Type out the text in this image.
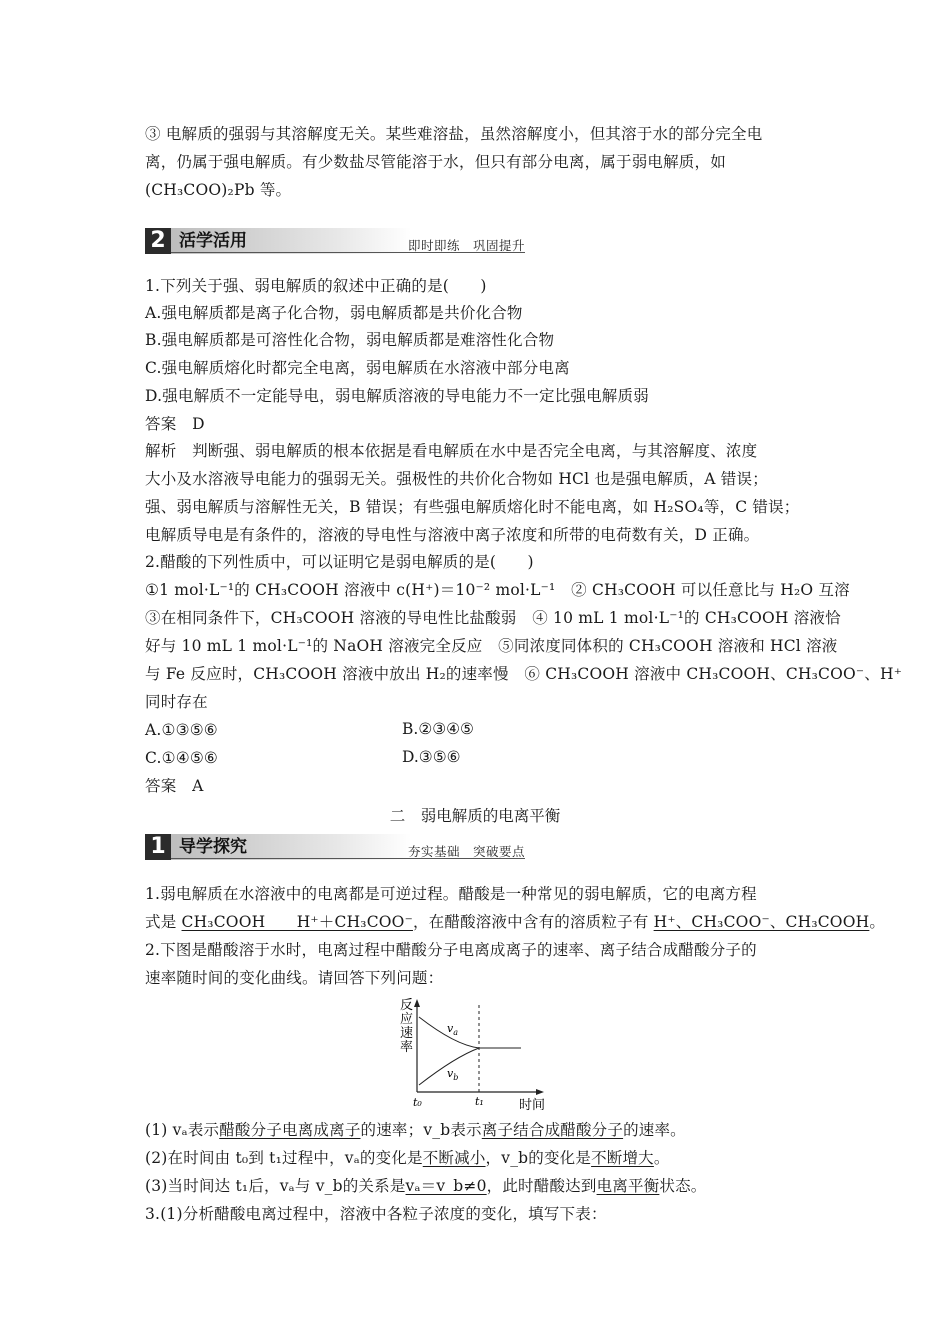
③ 电解质的强弱与其溶解度无关。某些难溶盐，虽然溶解度小，但其溶于水的部分完全电
离，仍属于强电解质。有少数盐尽管能溶于水，但只有部分电离，属于弱电解质，如
(CH₃COO)₂Pb 等。
2 活学活用	即时即练　巩固提升
1.下列关于强、弱电解质的叙述中正确的是(　　)
A.强电解质都是离子化合物，弱电解质都是共价化合物
B.强电解质都是可溶性化合物，弱电解质都是难溶性化合物
C.强电解质熔化时都完全电离，弱电解质在水溶液中部分电离
D.强电解质不一定能导电，弱电解质溶液的导电能力不一定比强电解质弱
答案　D
解析　判断强、弱电解质的根本依据是看电解质在水中是否完全电离，与其溶解度、浓度
大小及水溶液导电能力的强弱无关。强极性的共价化合物如 HCl 也是强电解质，A 错误；
强、弱电解质与溶解性无关，B 错误；有些强电解质熔化时不能电离，如 H₂SO₄等，C 错误；
电解质导电是有条件的，溶液的导电性与溶液中离子浓度和所带的电荷数有关，D 正确。
2.醋酸的下列性质中，可以证明它是弱电解质的是(　　)
①1 mol·L⁻¹的 CH₃COOH 溶液中 c(H⁺)＝10⁻² mol·L⁻¹　② CH₃COOH 可以任意比与 H₂O 互溶
③在相同条件下，CH₃COOH 溶液的导电性比盐酸弱　④ 10 mL 1 mol·L⁻¹的 CH₃COOH 溶液恰
好与 10 mL 1 mol·L⁻¹的 NaOH 溶液完全反应　⑤同浓度同体积的 CH₃COOH 溶液和 HCl 溶液
与 Fe 反应时，CH₃COOH 溶液中放出 H₂的速率慢　⑥ CH₃COOH 溶液中 CH₃COOH、CH₃COO⁻、H⁺
同时存在
A.①③⑤⑥	B.②③④⑤
C.①④⑤⑥	D.③⑤⑥
答案　A
二　弱电解质的电离平衡
1 导学探究	夯实基础　突破要点
1.弱电解质在水溶液中的电离都是可逆过程。醋酸是一种常见的弱电解质，它的电离方程
式是 CH₃COOH　　H⁺＋CH₃COO⁻，在醋酸溶液中含有的溶质粒子有 H⁺、CH₃COO⁻、CH₃COOH。
2.下图是醋酸溶于水时，电离过程中醋酸分子电离成离子的速率、离子结合成醋酸分子的
速率随时间的变化曲线。请回答下列问题：
反
应
速
率
$v_a$
$v_b$
t₀	t₁	时间
(1) vₐ表示醋酸分子电离成离子的速率；v_b表示离子结合成醋酸分子的速率。
(2)在时间由 t₀到 t₁过程中，vₐ的变化是不断减小，v_b的变化是不断增大。
(3)当时间达 t₁后，vₐ与 v_b的关系是vₐ＝v_b≠0，此时醋酸达到电离平衡状态。
3.(1)分析醋酸电离过程中，溶液中各粒子浓度的变化，填写下表：
